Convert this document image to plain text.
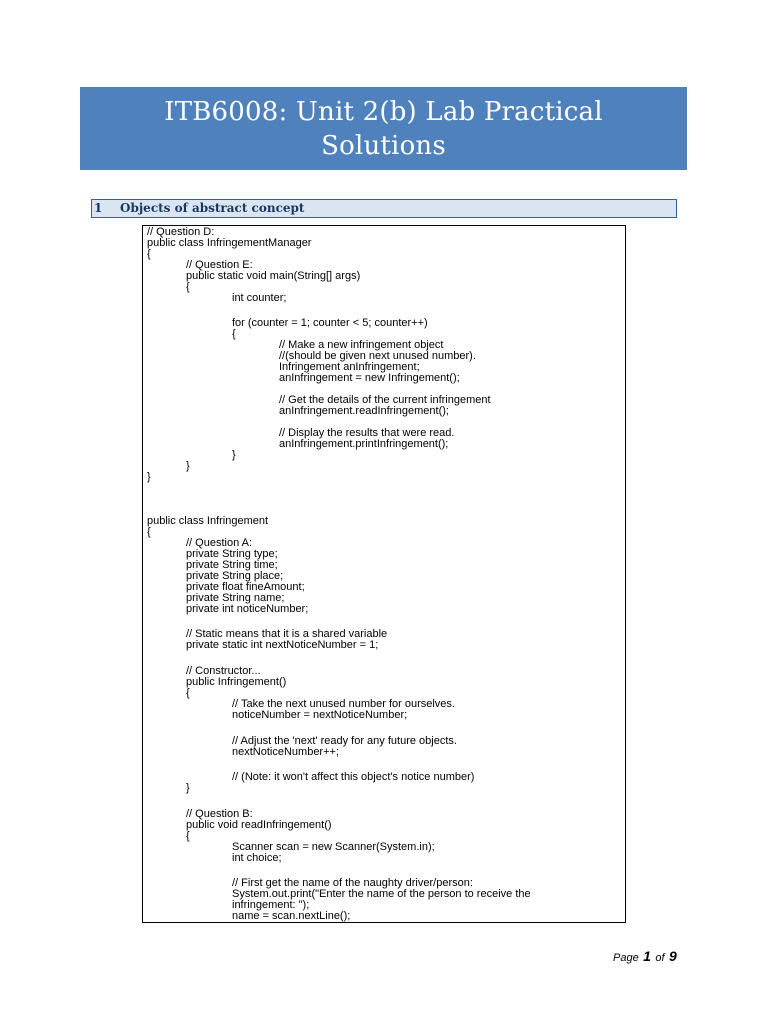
ITB6008: Unit 2(b) Lab Practical
Solutions
1 Objects of abstract concept
// Question D:
public class InfringementManager
{
// Question E:
public static void main(String[] args)
{
int counter;
for (counter = 1; counter < 5; counter++)
{
// Make a new infringement object
//(should be given next unused number).
Infringement anInfringement;
anInfringement = new Infringement();
// Get the details of the current infringement
anInfringement.readInfringement();
// Display the results that were read.
anInfringement.printInfringement();
}
}
}
public class Infringement
{
// Question A:
private String type;
private String time;
private String place;
private float fineAmount;
private String name;
private int noticeNumber;
// Static means that it is a shared variable
private static int nextNoticeNumber = 1;
// Constructor...
public Infringement()
{
// Take the next unused number for ourselves.
noticeNumber = nextNoticeNumber;
// Adjust the 'next' ready for any future objects.
nextNoticeNumber++;
// (Note: it won't affect this object's notice number)
}
// Question B:
public void readInfringement()
{
Scanner scan = new Scanner(System.in);
int choice;
// First get the name of the naughty driver/person:
System.out.print("Enter the name of the person to receive the
infringement: ");
name = scan.nextLine();
Page 1 of 9
